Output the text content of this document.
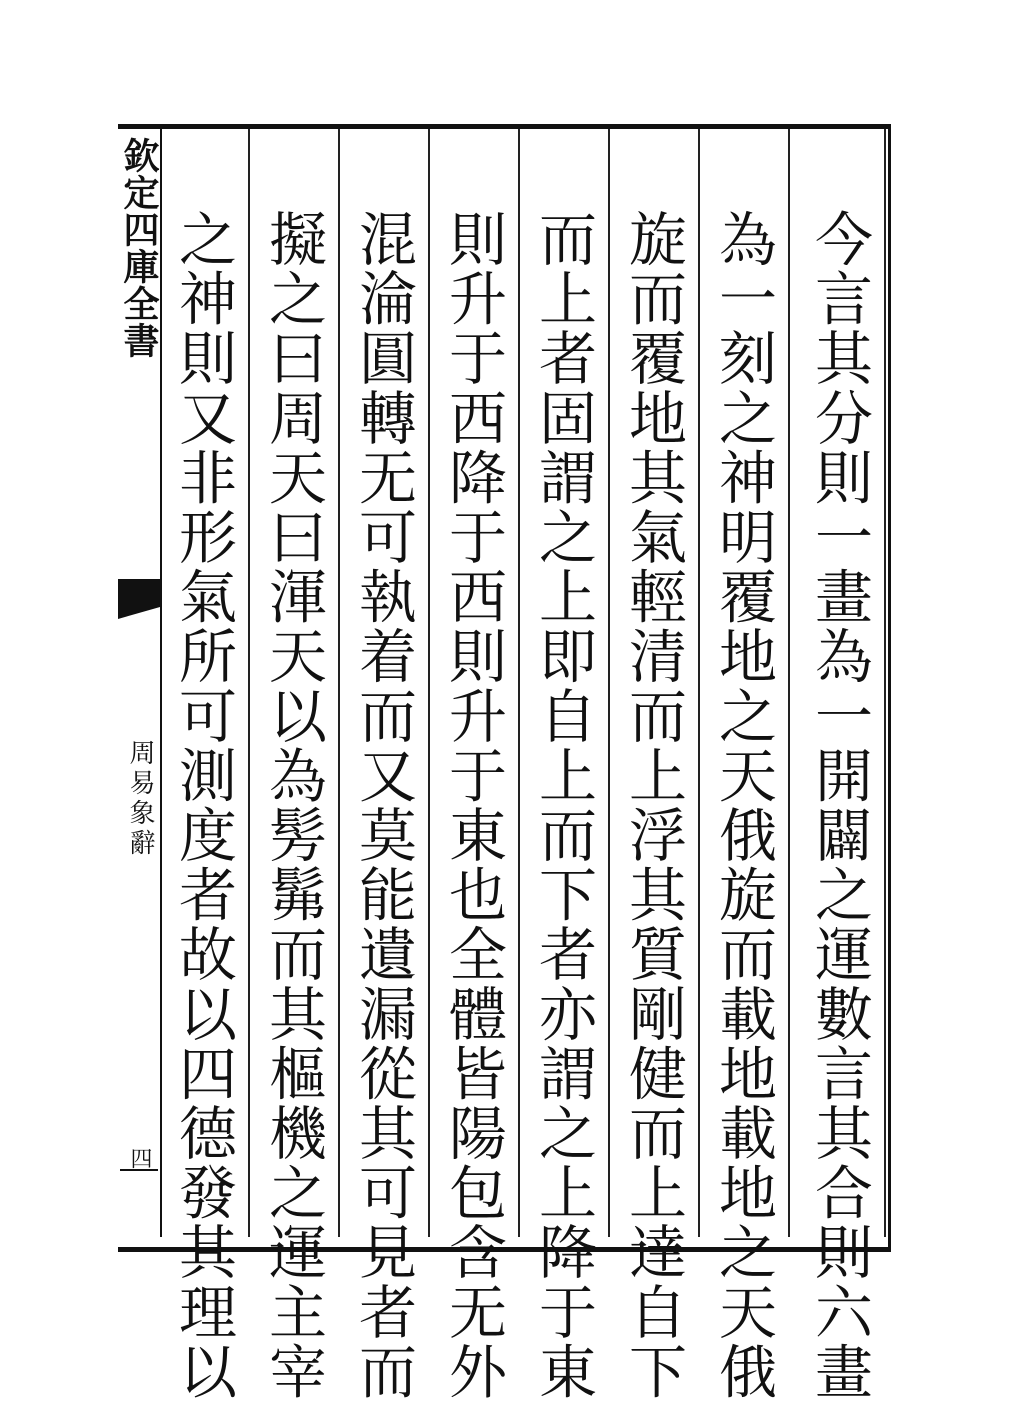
欽定四庫全書
周易象辭
四	今言其分則一畫為一開闢之運數言其合則六畫
為一刻之神明覆地之天俄旋而載地載地之天俄
旋而覆地其氣輕清而上浮其質剛健而上達自下
而上者固謂之上即自上而下者亦謂之上降于東
則升于西降于西則升于東也全體皆陽包含无外
混淪圓轉无可執着而又莫能遺漏從其可見者而
擬之曰周天曰渾天以為髣髴而其樞機之運主宰
之神則又非形氣所可測度者故以四德發其理以
